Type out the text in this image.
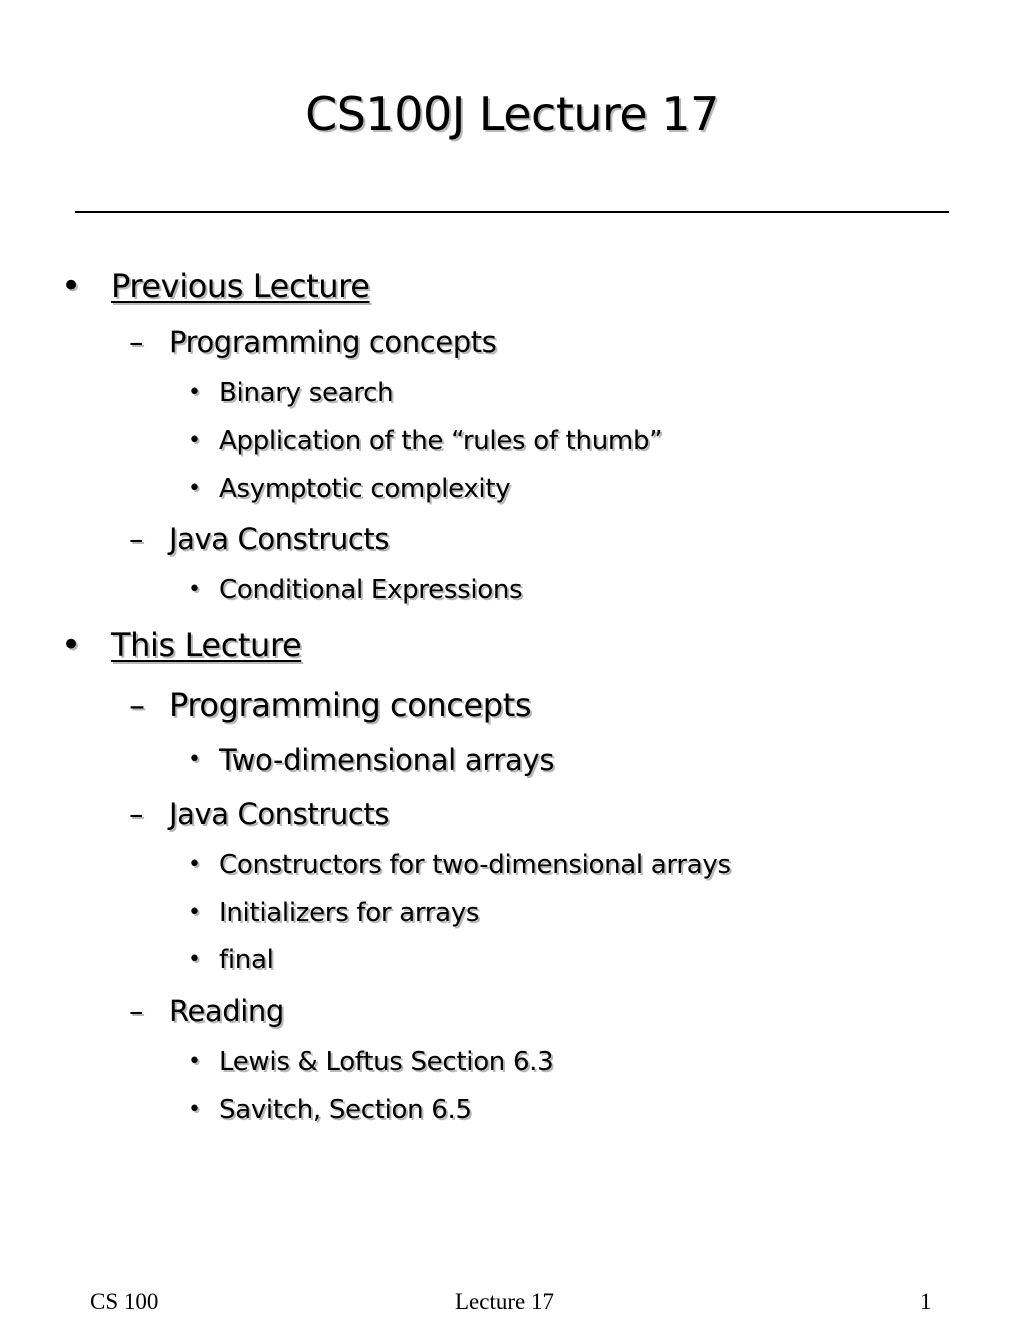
CS100J Lecture 17
• Previous Lecture
– Programming concepts
• Binary search
• Application of the “rules of thumb”
• Asymptotic complexity
– Java Constructs
• Conditional Expressions
• This Lecture
– Programming concepts
• Two-dimensional arrays
– Java Constructs
• Constructors for two-dimensional arrays
• Initializers for arrays
• final
– Reading
• Lewis & Loftus Section 6.3
• Savitch, Section 6.5
CS 100	Lecture 17	1
